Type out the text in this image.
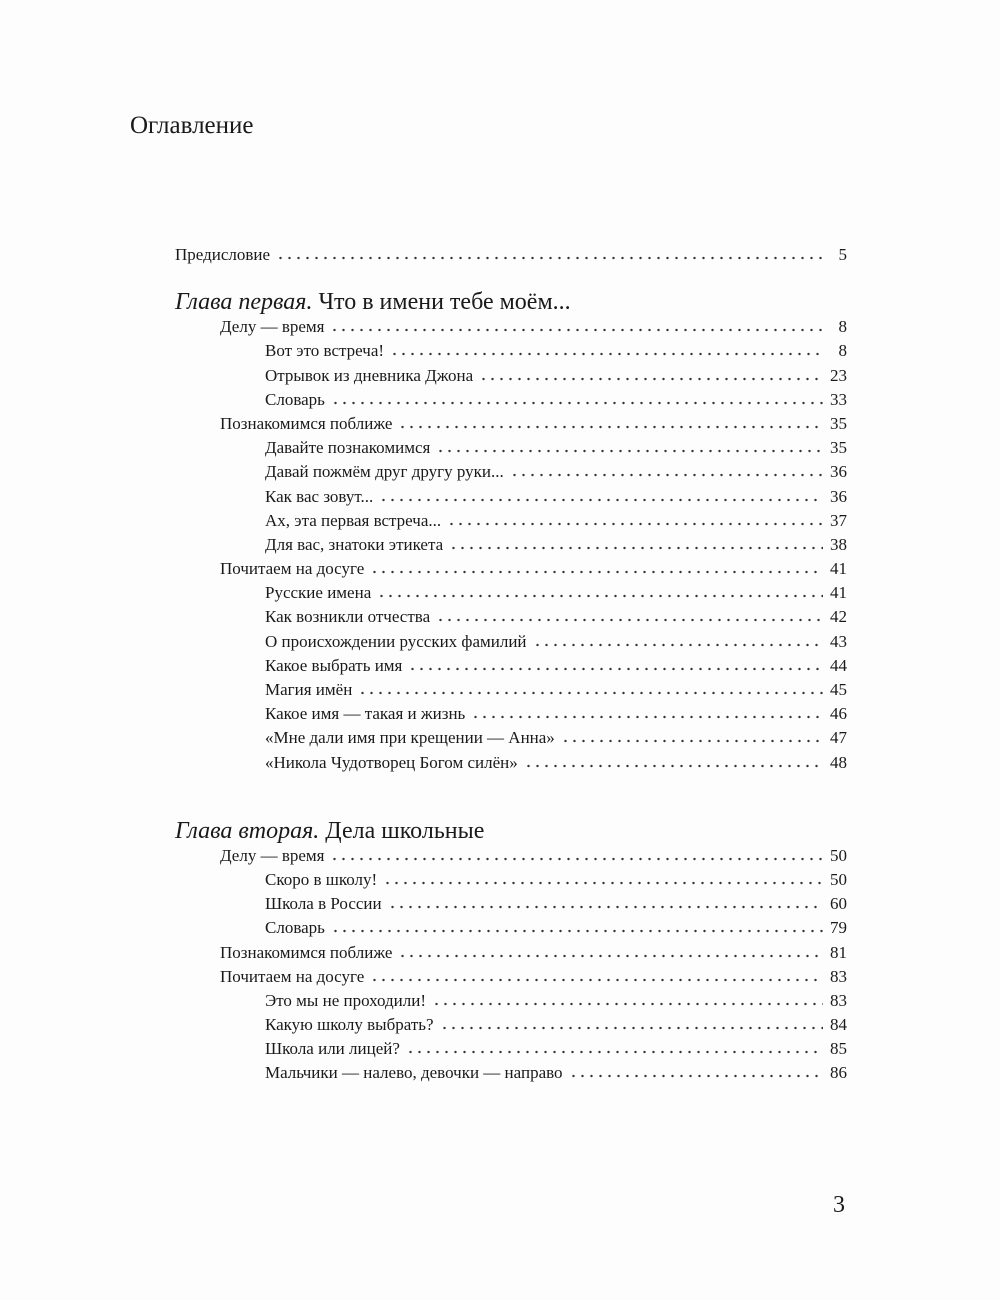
Оглавление
Предисловие	5
Глава первая. Что в имени тебе моём...
Делу — время	8
Вот это встреча!	8
Отрывок из дневника Джона	23
Словарь	33
Познакомимся поближе	35
Давайте познакомимся	35
Давай пожмём друг другу руки...	36
Как вас зовут...	36
Ах, эта первая встреча...	37
Для вас, знатоки этикета	38
Почитаем на досуге	41
Русские имена	41
Как возникли отчества	42
О происхождении русских фамилий	43
Какое выбрать имя	44
Магия имён	45
Какое имя — такая и жизнь	46
«Мне дали имя при крещении — Анна»	47
«Никола Чудотворец Богом силён»	48
Глава вторая. Дела школьные
Делу — время	50
Скоро в школу!	50
Школа в России	60
Словарь	79
Познакомимся поближе	81
Почитаем на досуге	83
Это мы не проходили!	83
Какую школу выбрать?	84
Школа или лицей?	85
Мальчики — налево, девочки — направо	86
3
